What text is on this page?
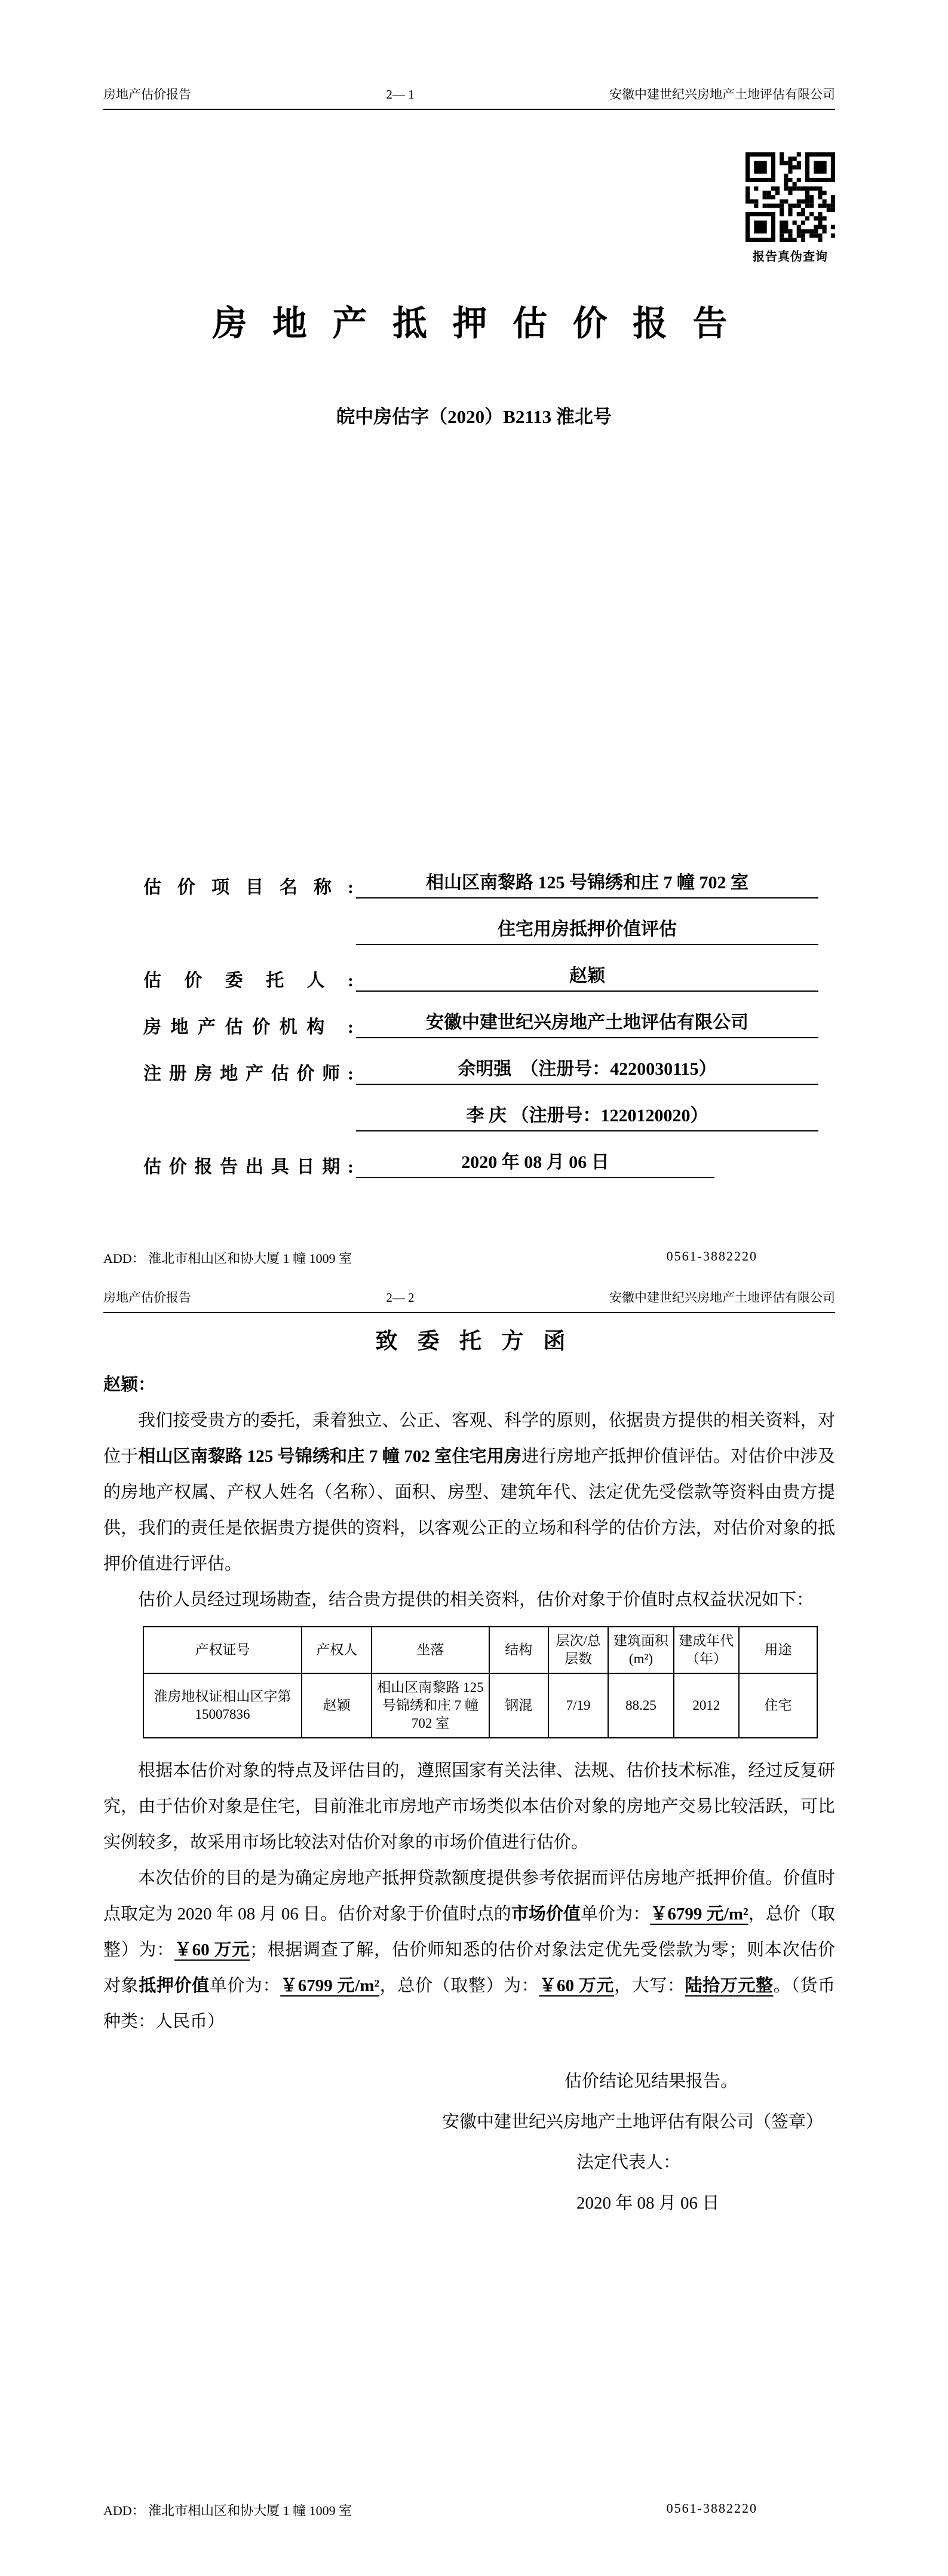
房地产估价报告	2— 1	安徽中建世纪兴房地产土地评估有限公司
报告真伪查询
房 地 产 抵 押 估 价 报 告
皖中房估字（2020）B2113 淮北号
估 价 项 目 名 称 :	相山区南黎路 125 号锦绣和庄 7 幢 702 室
住宅用房抵押价值评估
估 价 委 托 人 :	赵颖
房地产估价机构 :	安徽中建世纪兴房地产土地评估有限公司
注册房地产估价师:	余明强　（注册号：4220030115）
李 庆 （注册号：1220120020）
估价报告出具日期:	2020 年 08 月 06 日
ADD： 淮北市相山区和协大厦 1 幢 1009 室	0561-3882220
房地产估价报告	2— 2	安徽中建世纪兴房地产土地评估有限公司
致 委 托 方 函
赵颖：

我们接受贵方的委托，秉着独立、公正、客观、科学的原则，依据贵方提供的相关资料，对位于相山区南黎路 125 号锦绣和庄 7 幢 702 室住宅用房进行房地产抵押价值评估。对估价中涉及的房地产权属、产权人姓名（名称）、面积、房型、建筑年代、法定优先受偿款等资料由贵方提供，我们的责任是依据贵方提供的资料，以客观公正的立场和科学的估价方法，对估价对象的抵押价值进行评估。

估价人员经过现场勘查，结合贵方提供的相关资料，估价对象于价值时点权益状况如下：

产权证号	产权人	坐落	结构	层次/总层数	建筑面积(m²)	建成年代（年）	用途
淮房地权证相山区字第 15007836	赵颖	相山区南黎路 125 号锦绣和庄 7 幢 702 室	钢混	7/19	88.25	2012	住宅

根据本估价对象的特点及评估目的，遵照国家有关法律、法规、估价技术标准，经过反复研究，由于估价对象是住宅，目前淮北市房地产市场类似本估价对象的房地产交易比较活跃，可比实例较多，故采用市场比较法对估价对象的市场价值进行估价。

本次估价的目的是为确定房地产抵押贷款额度提供参考依据而评估房地产抵押价值。价值时点取定为 2020 年 08 月 06 日。估价对象于价值时点的市场价值单价为：￥6799 元/m²，总价（取整）为：￥60 万元；根据调查了解，估价师知悉的估价对象法定优先受偿款为零；则本次估价对象抵押价值单价为：￥6799 元/m²，总价（取整）为：￥60 万元，大写：陆拾万元整。（货币种类：人民币）

估价结论见结果报告。
安徽中建世纪兴房地产土地评估有限公司（签章）
法定代表人：
2020 年 08 月 06 日
ADD： 淮北市相山区和协大厦 1 幢 1009 室	0561-3882220
